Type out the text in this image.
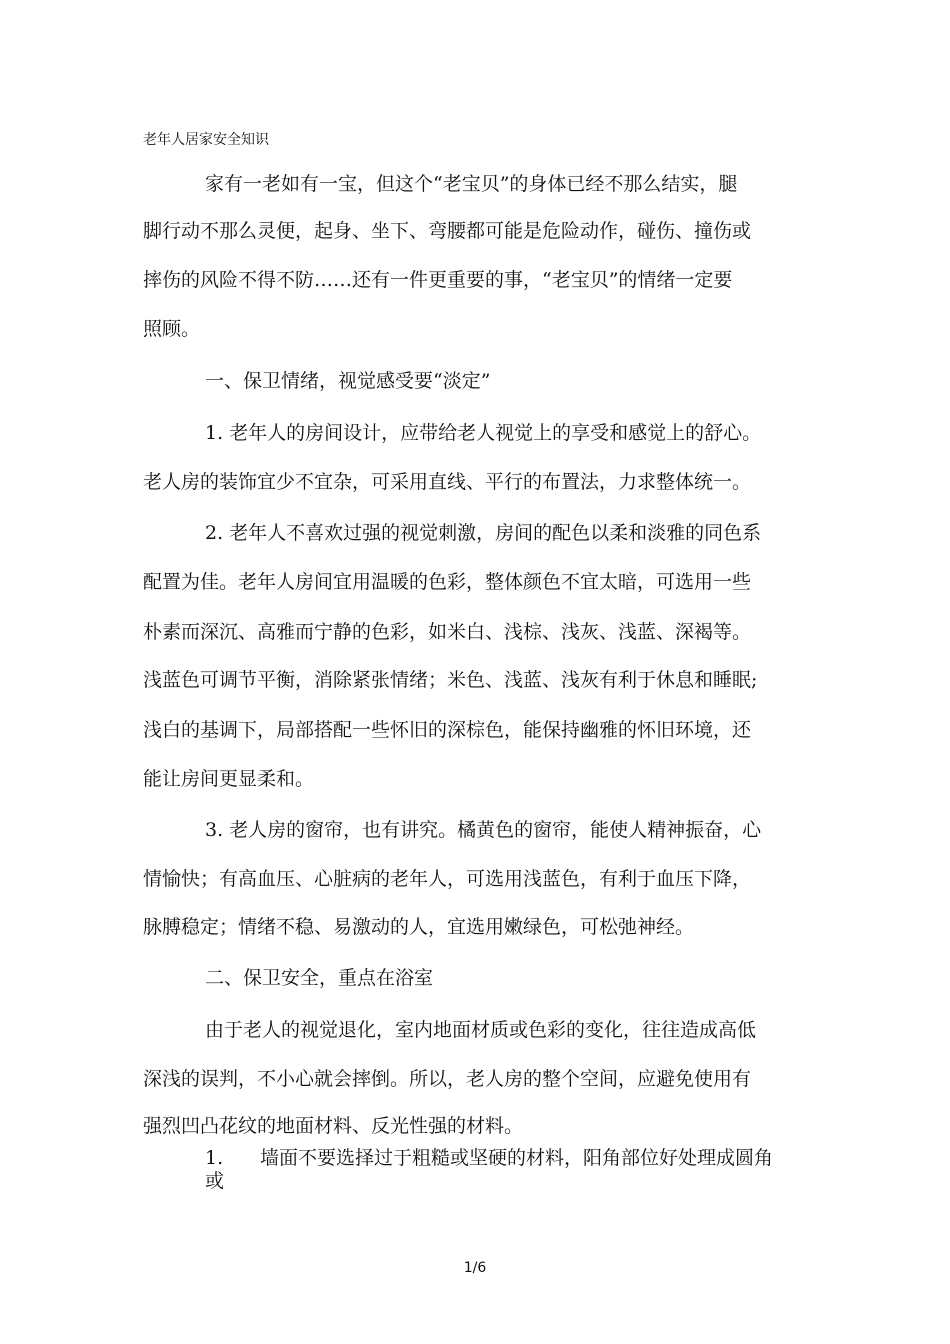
老年人居家安全知识
家有一老如有一宝，但这个“老宝贝”的身体已经不那么结实，腿
脚行动不那么灵便，起身、坐下、弯腰都可能是危险动作，碰伤、撞伤或
摔伤的风险不得不防……还有一件更重要的事，“老宝贝”的情绪一定要
照顾。
一、保卫情绪，视觉感受要“淡定”
1. 老年人的房间设计，应带给老人视觉上的享受和感觉上的舒心。
老人房的装饰宜少不宜杂，可采用直线、平行的布置法，力求整体统一。
2. 老年人不喜欢过强的视觉刺激，房间的配色以柔和淡雅的同色系
配置为佳。老年人房间宜用温暖的色彩，整体颜色不宜太暗，可选用一些
朴素而深沉、高雅而宁静的色彩，如米白、浅棕、浅灰、浅蓝、深褐等。
浅蓝色可调节平衡，消除紧张情绪；米色、浅蓝、浅灰有利于休息和睡眠;
浅白的基调下，局部搭配一些怀旧的深棕色，能保持幽雅的怀旧环境，还
能让房间更显柔和。
3. 老人房的窗帘，也有讲究。橘黄色的窗帘，能使人精神振奋，心
情愉快；有高血压、心脏病的老年人，可选用浅蓝色，有利于血压下降，
脉膊稳定；情绪不稳、易激动的人，宜选用嫩绿色，可松弛神经。
二、保卫安全，重点在浴室
由于老人的视觉退化，室内地面材质或色彩的变化，往往造成高低
深浅的误判，不小心就会摔倒。所以，老人房的整个空间，应避免使用有
强烈凹凸花纹的地面材料、反光性强的材料。
1. 墙面不要选择过于粗糙或坚硬的材料，阳角部位好处理成圆角
或
1/6
